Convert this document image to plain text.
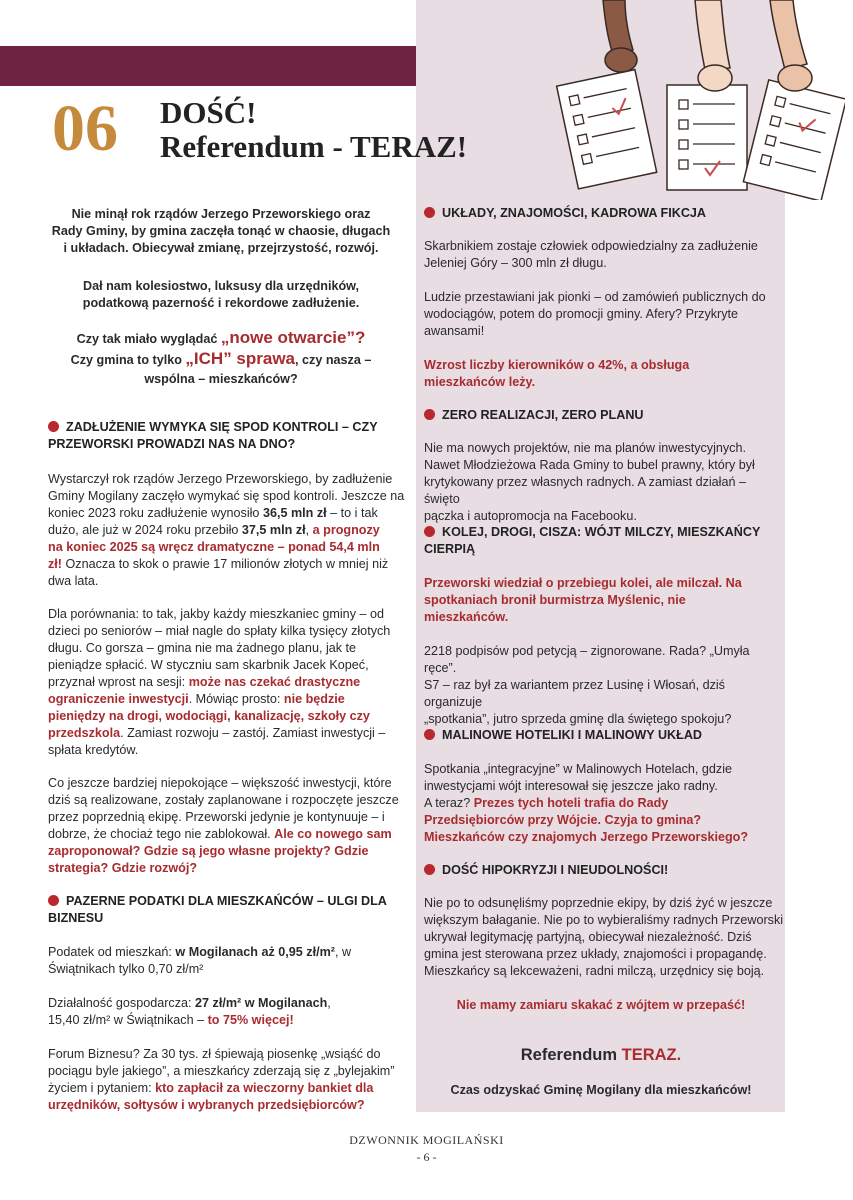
06 DOŚĆ!
Referendum - TERAZ!
Nie minął rok rządów Jerzego Przeworskiego oraz
Rady Gminy, by gmina zaczęła tonąć w chaosie, długach
i układach. Obiecywał zmianę, przejrzystość, rozwój.
Dał nam kolesiostwo, luksusy dla urzędników,
podatkową pazerność i rekordowe zadłużenie.
Czy tak miało wyglądać „nowe otwarcie”?
Czy gmina to tylko „ICH” sprawa, czy nasza –
wspólna – mieszkańców?
ZADŁUŻENIE WYMYKA SIĘ SPOD KONTROLI – CZY
PRZEWORSKI PROWADZI NAS NA DNO?
Wystarczył rok rządów Jerzego Przeworskiego, by zadłużenie
Gminy Mogilany zaczęło wymykać się spod kontroli. Jeszcze na
koniec 2023 roku zadłużenie wynosiło 36,5 mln zł – to i tak
dużo, ale już w 2024 roku przebiło 37,5 mln zł, a prognozy
na koniec 2025 są wręcz dramatyczne – ponad 54,4 mln
zł! Oznacza to skok o prawie 17 milionów złotych w mniej niż
dwa lata.
Dla porównania: to tak, jakby każdy mieszkaniec gminy – od
dzieci po seniorów – miał nagle do spłaty kilka tysięcy złotych
długu. Co gorsza – gmina nie ma żadnego planu, jak te
pieniądze spłacić. W styczniu sam skarbnik Jacek Kopeć,
przyznał wprost na sesji: może nas czekać drastyczne
ograniczenie inwestycji. Mówiąc prosto: nie będzie
pieniędzy na drogi, wodociągi, kanalizację, szkoły czy
przedszkola. Zamiast rozwoju – zastój. Zamiast inwestycji –
spłata kredytów.
Co jeszcze bardziej niepokojące – większość inwestycji, które
dziś są realizowane, zostały zaplanowane i rozpoczęte jeszcze
przez poprzednią ekipę. Przeworski jedynie je kontynuuje – i
dobrze, że chociaż tego nie zablokował. Ale co nowego sam
zaproponował? Gdzie są jego własne projekty? Gdzie
strategia? Gdzie rozwój?
PAZERNE PODATKI DLA MIESZKAŃCÓW – ULGI DLA
BIZNESU
Podatek od mieszkań: w Mogilanach aż 0,95 zł/m², w
Świątnikach tylko 0,70 zł/m²
Działalność gospodarcza: 27 zł/m² w Mogilanach,
15,40 zł/m² w Świątnikach – to 75% więcej!
Forum Biznesu? Za 30 tys. zł śpiewają piosenkę „wsiąść do
pociągu byle jakiego”, a mieszkańcy zderzają się z „bylejakim”
życiem i pytaniem: kto zapłacił za wieczorny bankiet dla
urzędników, sołtysów i wybranych przedsiębiorców?
UKŁADY, ZNAJOMOŚCI, KADROWA FIKCJA
Skarbnikiem zostaje człowiek odpowiedzialny za zadłużenie
Jeleniej Góry – 300 mln zł długu.
Ludzie przestawiani jak pionki – od zamówień publicznych do
wodociągów, potem do promocji gminy. Afery? Przykryte
awansami!
Wzrost liczby kierowników o 42%, a obsługa
mieszkańców leży.
ZERO REALIZACJI, ZERO PLANU
Nie ma nowych projektów, nie ma planów inwestycyjnych.
Nawet Młodzieżowa Rada Gminy to bubel prawny, który był
krytykowany przez własnych radnych. A zamiast działań – święto
pączka i autopromocja na Facebooku.
KOLEJ, DROGI, CISZA: WÓJT MILCZY, MIESZKAŃCY
CIERPIĄ
Przeworski wiedział o przebiegu kolei, ale milczał. Na
spotkaniach bronił burmistrza Myślenic, nie
mieszkańców.
2218 podpisów pod petycją – zignorowane. Rada? „Umyła ręce”.
S7 – raz był za wariantem przez Lusinę i Włosań, dziś organizuje
„spotkania”, jutro sprzeda gminę dla świętego spokoju?
MALINOWE HOTELIKI I MALINOWY UKŁAD
Spotkania „integracyjne” w Malinowych Hotelach, gdzie
inwestycjami wójt interesował się jeszcze jako radny.
A teraz? Prezes tych hoteli trafia do Rady
Przedsiębiorców przy Wójcie. Czyja to gmina?
Mieszkańców czy znajomych Jerzego Przeworskiego?
DOŚĆ HIPOKRYZJI I NIEUDOLNOŚCI!
Nie po to odsunęliśmy poprzednie ekipy, by dziś żyć w jeszcze
większym bałaganie. Nie po to wybieraliśmy radnych Przeworski
ukrywał legitymację partyjną, obiecywał niezależność. Dziś
gmina jest sterowana przez układy, znajomości i propagandę.
Mieszkańcy są lekceważeni, radni milczą, urzędnicy się boją.
Nie mamy zamiaru skakać z wójtem w przepaść!
Referendum TERAZ.
Czas odzyskać Gminę Mogilany dla mieszkańców!
DZWONNIK MOGILAŃSKI
- 6 -
